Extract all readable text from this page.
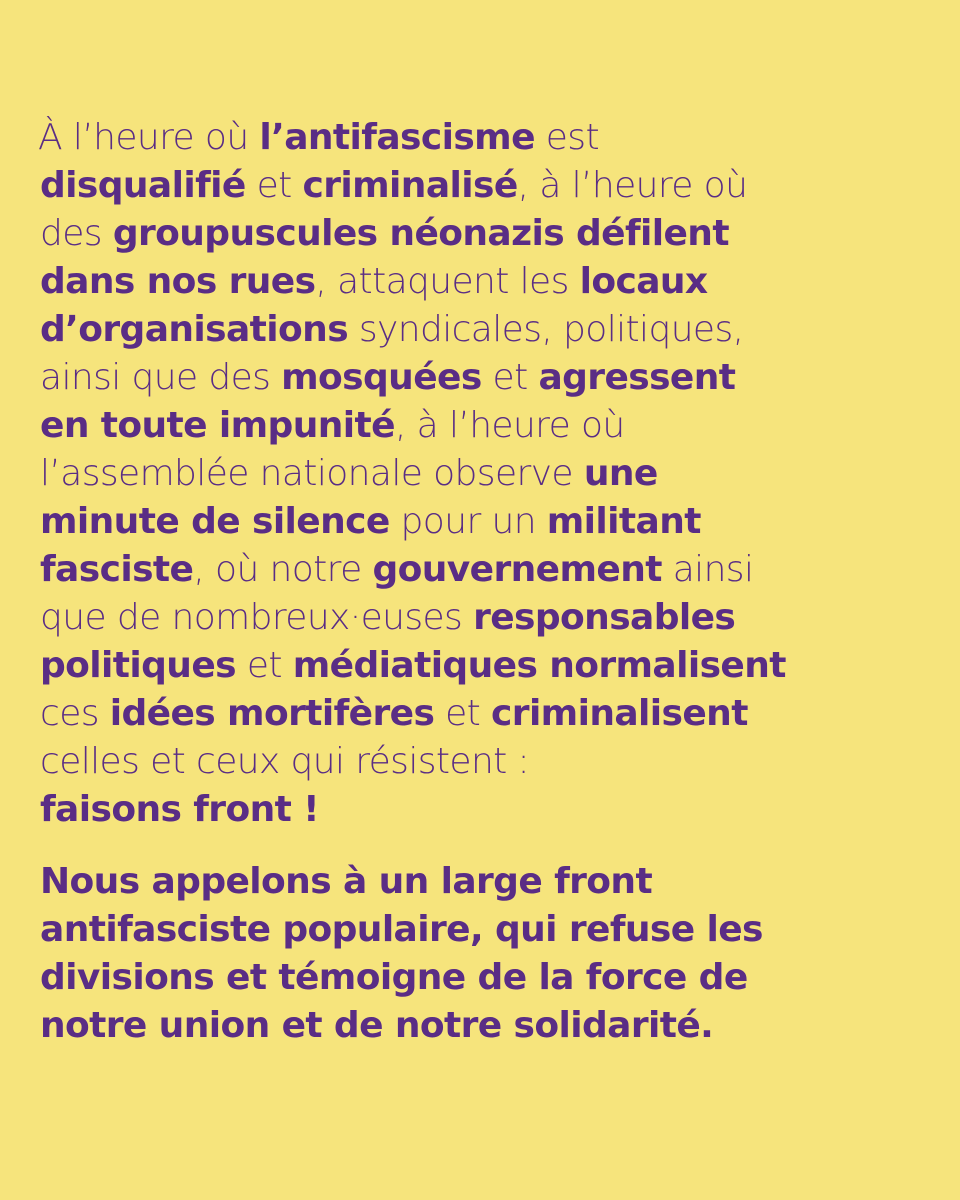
À l’heure où l’antifascisme est
disqualifié et criminalisé, à l’heure où
des groupuscules néonazis défilent
dans nos rues, attaquent les locaux
d’organisations syndicales, politiques,
ainsi que des mosquées et agressent
en toute impunité, à l’heure où
l’assemblée nationale observe une
minute de silence pour un militant
fasciste, où notre gouvernement ainsi
que de nombreux·euses responsables
politiques et médiatiques normalisent
ces idées mortifères et criminalisent
celles et ceux qui résistent :
faisons front !
Nous appelons à un large front
antifasciste populaire, qui refuse les
divisions et témoigne de la force de
notre union et de notre solidarité.
